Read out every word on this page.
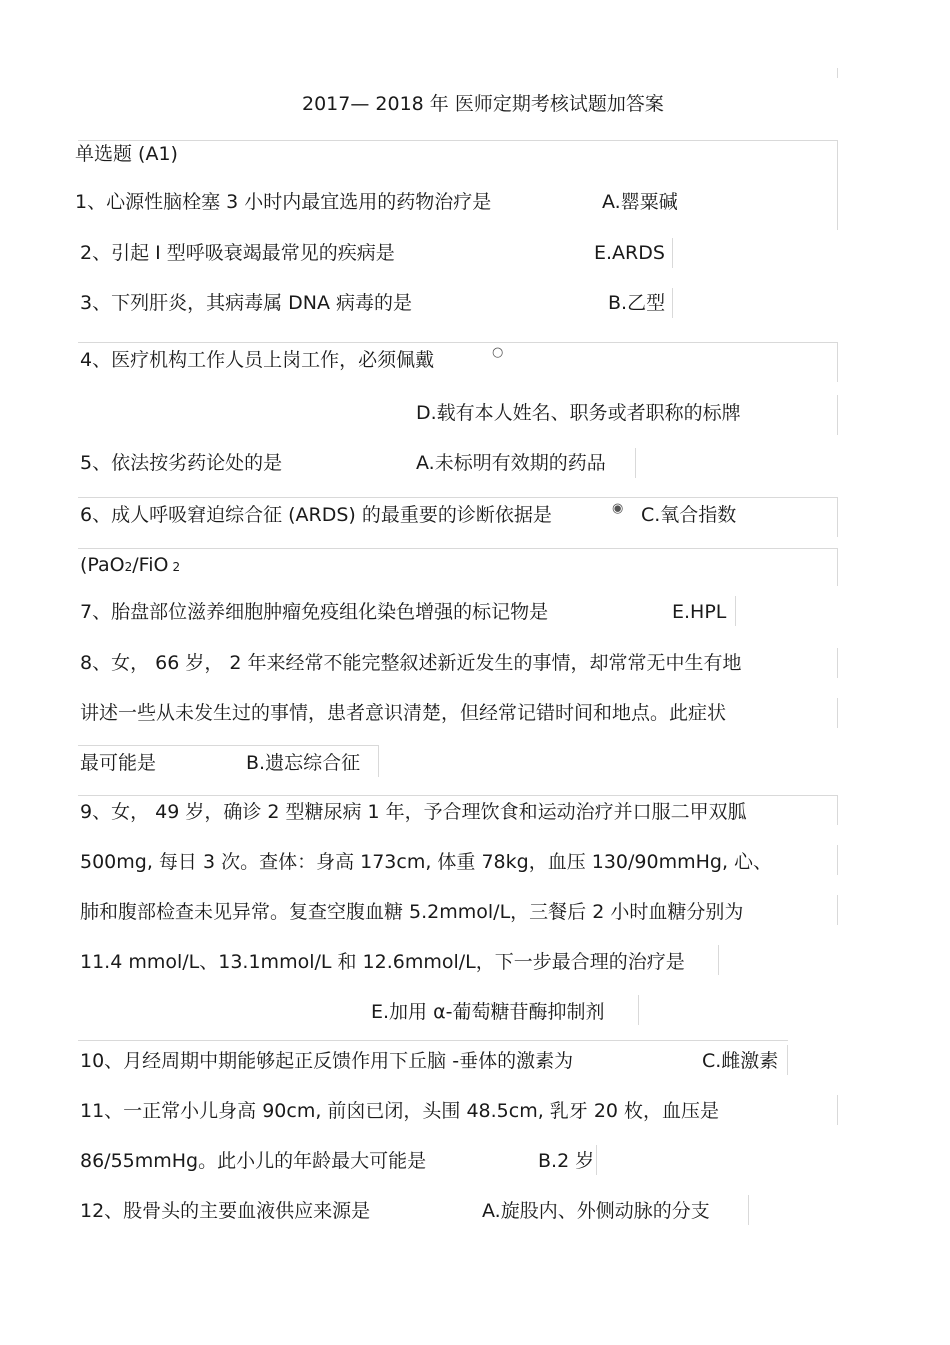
○
◉
2017— 2018 年 医师定期考核试题加答案
单选题 (A1)
1、心源性脑栓塞 3 小时内最宜选用的药物治疗是	A.罂粟碱
2、引起 Ⅰ 型呼吸衰竭最常见的疾病是	E.ARDS
3、下列肝炎，其病毒属 DNA 病毒的是	B.乙型
4、医疗机构工作人员上岗工作，必须佩戴
D.载有本人姓名、职务或者职称的标牌
5、依法按劣药论处的是	A.未标明有效期的药品
6、成人呼吸窘迫综合征 (ARDS) 的最重要的诊断依据是	C.氧合指数
(PaO2/FiO 2
7、胎盘部位滋养细胞肿瘤免疫组化染色增强的标记物是	E.HPL
8、女， 66 岁， 2 年来经常不能完整叙述新近发生的事情，却常常无中生有地
讲述一些从未发生过的事情，患者意识清楚，但经常记错时间和地点。此症状
最可能是	B.遗忘综合征
9、女， 49 岁，确诊 2 型糖尿病 1 年，予合理饮食和运动治疗并口服二甲双胍
500mg, 每日 3 次。查体：身高 173cm, 体重 78kg，血压 130/90mmHg, 心、
肺和腹部检查未见异常。复查空腹血糖 5.2mmol/L，三餐后 2 小时血糖分别为
11.4 mmol/L、13.1mmol/L 和 12.6mmol/L，下一步最合理的治疗是
E.加用 α-葡萄糖苷酶抑制剂
10、月经周期中期能够起正反馈作用下丘脑 -垂体的激素为	C.雌激素
11、一正常小儿身高 90cm, 前囟已闭，头围 48.5cm, 乳牙 20 枚，血压是
86/55mmHg。此小儿的年龄最大可能是	B.2 岁
12、股骨头的主要血液供应来源是	A.旋股内、外侧动脉的分支
